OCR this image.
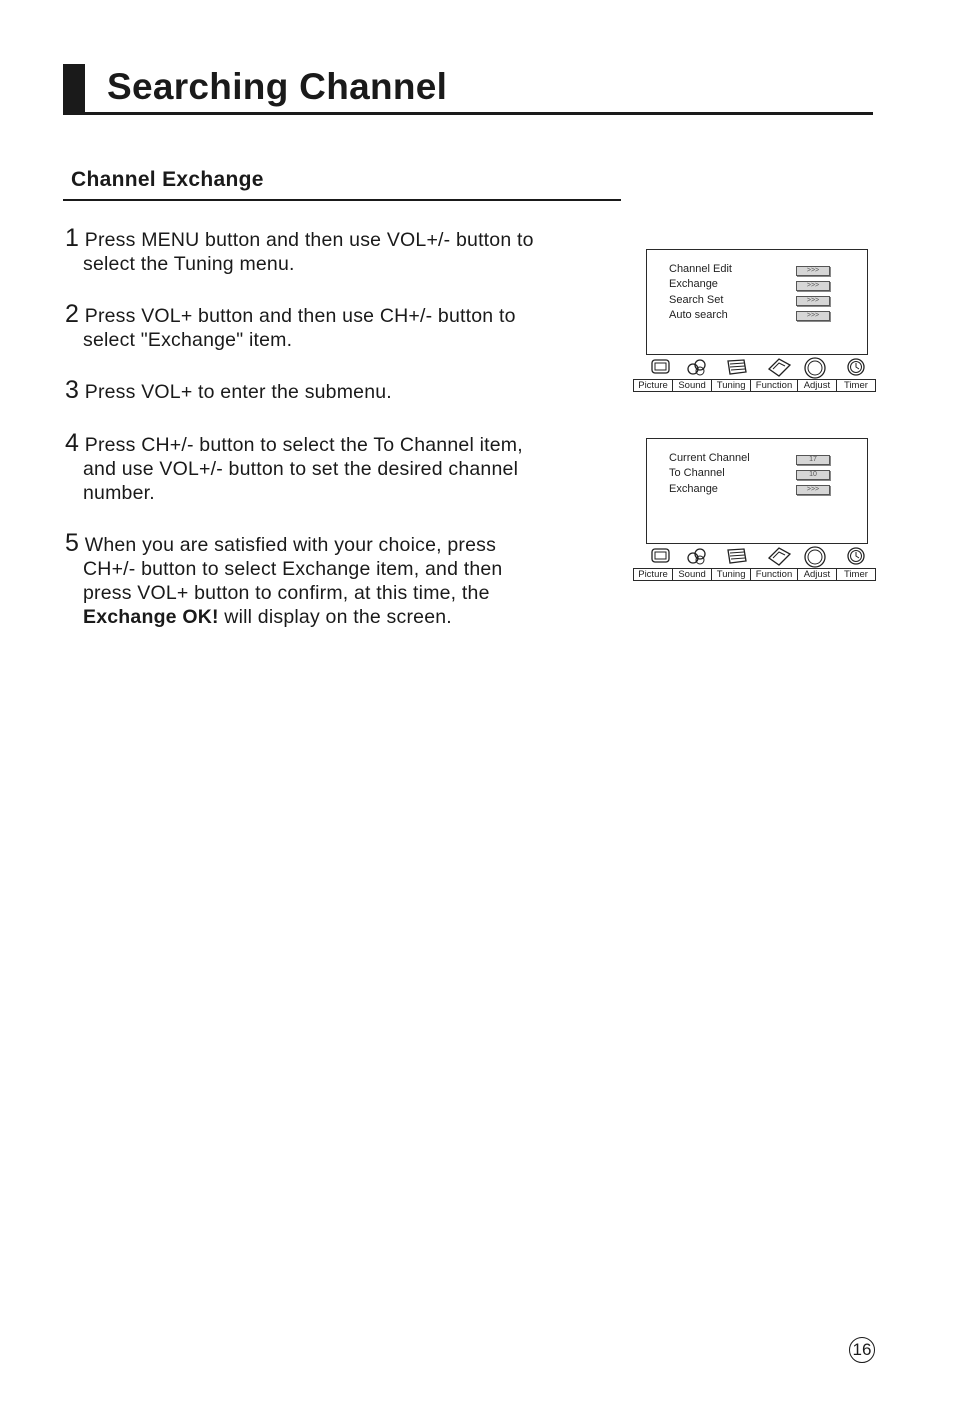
Searching Channel
Channel Exchange
1 Press MENU button and then use VOL+/- button to
select the Tuning menu.
2 Press VOL+ button and then use CH+/- button to
select "Exchange" item.
3 Press VOL+ to enter the submenu.
4 Press CH+/- button to select the To Channel item,
and use VOL+/- button to set the desired channel
number.
5 When you are satisfied with your choice, press
CH+/- button to select Exchange item, and then
press VOL+ button to confirm, at this time, the
Exchange OK! will display on the screen.
Channel Edit	>>>
Exchange	>>>
Search Set	>>>
Auto search	>>>
Picture	Sound	Tuning	Function	Adjust	Timer
Current Channel	17
To Channel	10
Exchange	>>>
Picture	Sound	Tuning	Function	Adjust	Timer
16
